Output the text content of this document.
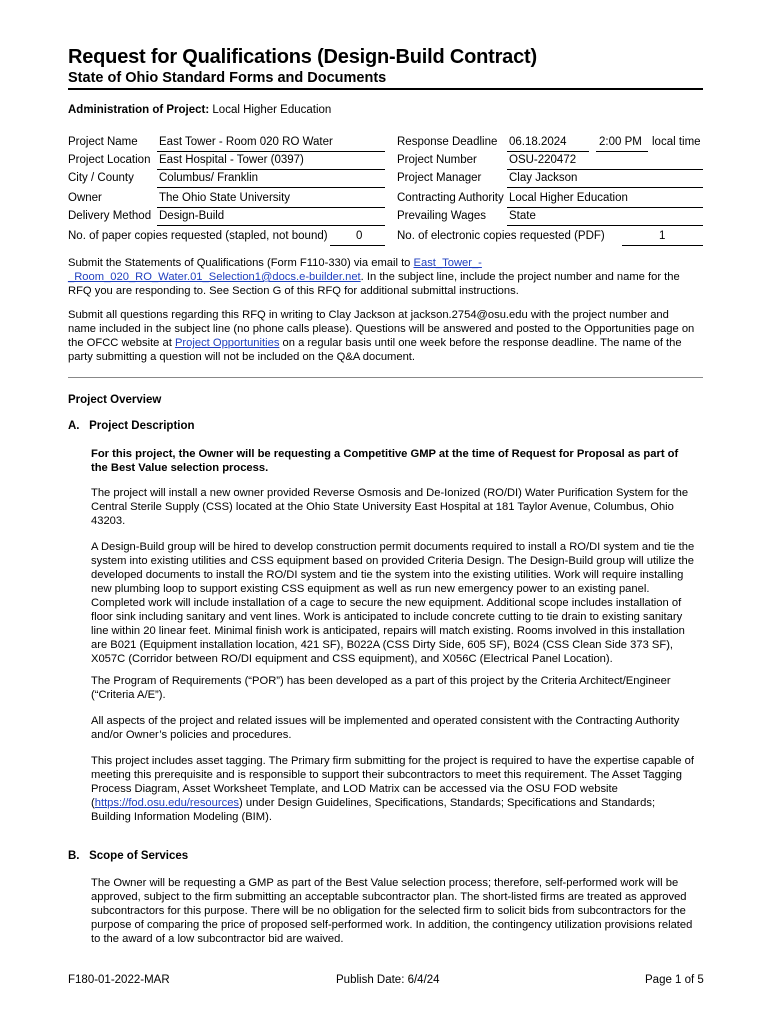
Request for Qualifications (Design-Build Contract)
State of Ohio Standard Forms and Documents
Administration of Project: Local Higher Education
Project Name East Tower - Room 020 RO Water
Project Location East Hospital - Tower (0397)
City / County Columbus/ Franklin
Owner	The Ohio State University
Delivery Method Design-Build
No. of paper copies requested (stapled, not bound) 0
Response Deadline 06.18.2024	2:00 PM local time
Project Number	OSU-220472
Project Manager Clay Jackson
Contracting Authority Local Higher Education
Prevailing Wages State
No. of electronic copies requested (PDF)	1
Submit the Statements of Qualifications (Form F110-330) via email to East_Tower_-
_Room_020_RO_Water.01_Selection1@docs.e-builder.net. In the subject line, include the project number and name for the
RFQ you are responding to. See Section G of this RFQ for additional submittal instructions.
Submit all questions regarding this RFQ in writing to Clay Jackson at jackson.2754@osu.edu with the project number and
name included in the subject line (no phone calls please). Questions will be answered and posted to the Opportunities page on
the OFCC website at Project Opportunities on a regular basis until one week before the response deadline. The name of the
party submitting a question will not be included on the Q&A document.
Project Overview
A.   Project Description
For this project, the Owner will be requesting a Competitive GMP at the time of Request for Proposal as part of
the Best Value selection process.
The project will install a new owner provided Reverse Osmosis and De-Ionized (RO/DI) Water Purification System for the
Central Sterile Supply (CSS) located at the Ohio State University East Hospital at 181 Taylor Avenue, Columbus, Ohio
43203.
A Design-Build group will be hired to develop construction permit documents required to install a RO/DI system and tie the
system into existing utilities and CSS equipment based on provided Criteria Design. The Design-Build group will utilize the
developed documents to install the RO/DI system and tie the system into the existing utilities. Work will require installing
new plumbing loop to support existing CSS equipment as well as run new emergency power to an existing panel.
Completed work will include installation of a cage to secure the new equipment. Additional scope includes installation of
floor sink including sanitary and vent lines. Work is anticipated to include concrete cutting to tie drain to existing sanitary
line within 20 linear feet. Minimal finish work is anticipated, repairs will match existing. Rooms involved in this installation
are B021 (Equipment installation location, 421 SF), B022A (CSS Dirty Side, 605 SF), B024 (CSS Clean Side 373 SF),
X057C (Corridor between RO/DI equipment and CSS equipment), and X056C (Electrical Panel Location).
The Program of Requirements (“POR”) has been developed as a part of this project by the Criteria Architect/Engineer
(“Criteria A/E”).
All aspects of the project and related issues will be implemented and operated consistent with the Contracting Authority
and/or Owner’s policies and procedures.
This project includes asset tagging. The Primary firm submitting for the project is required to have the expertise capable of
meeting this prerequisite and is responsible to support their subcontractors to meet this requirement. The Asset Tagging
Process Diagram, Asset Worksheet Template, and LOD Matrix can be accessed via the OSU FOD website
(https://fod.osu.edu/resources) under Design Guidelines, Specifications, Standards; Specifications and Standards;
Building Information Modeling (BIM).
B.   Scope of Services
The Owner will be requesting a GMP as part of the Best Value selection process; therefore, self-performed work will be
approved, subject to the firm submitting an acceptable subcontractor plan. The short-listed firms are treated as approved
subcontractors for this purpose. There will be no obligation for the selected firm to solicit bids from subcontractors for the
purpose of comparing the price of proposed self-performed work. In addition, the contingency utilization provisions related
to the award of a low subcontractor bid are waived.
F180-01-2022-MAR	Publish Date: 6/4/24	Page 1 of 5
